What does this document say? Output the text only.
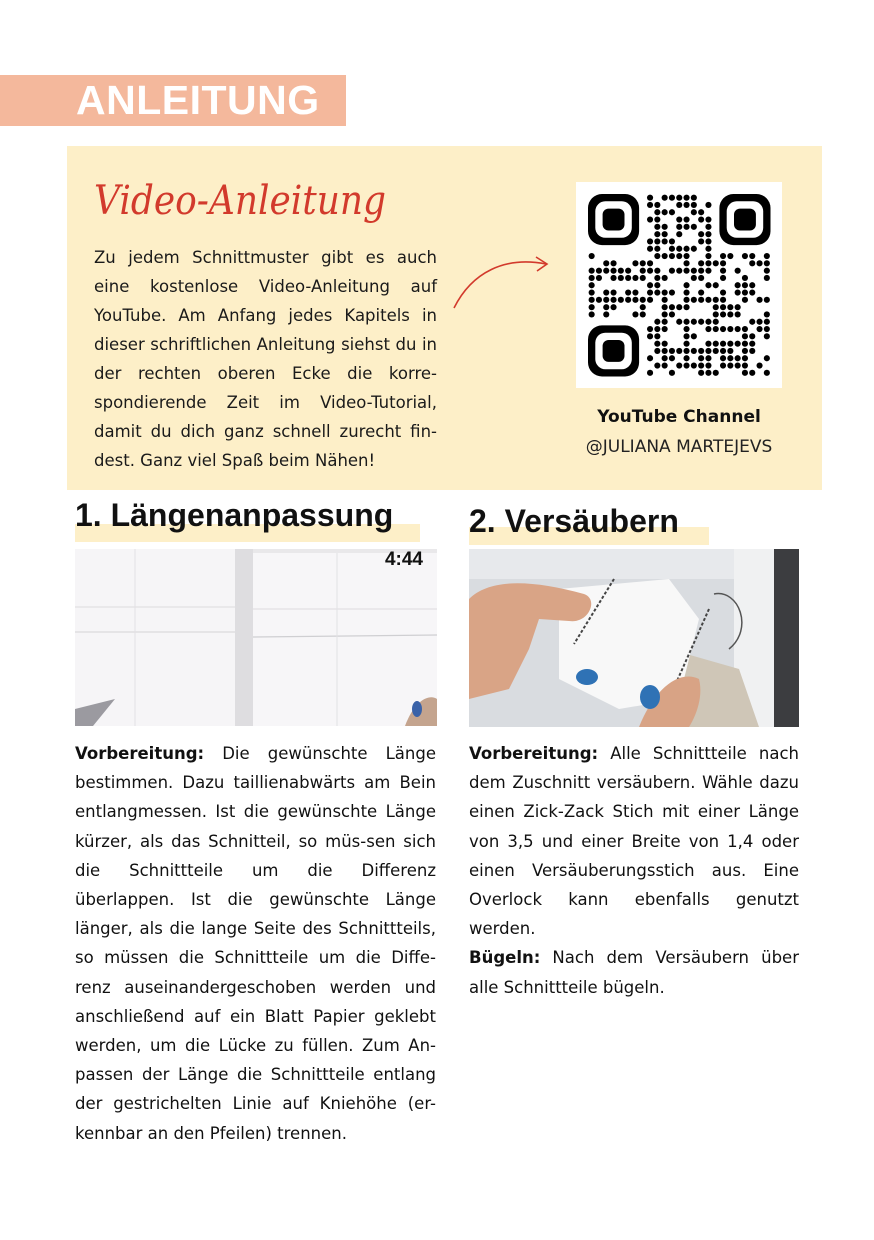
ANLEITUNG
Video-Anleitung
Zu jedem Schnittmuster gibt es auch eine kostenlose Video-Anleitung auf YouTube. Am Anfang jedes Kapitels in dieser schriftlichen Anleitung siehst du in der rechten oberen Ecke die korre-spondierende Zeit im Video-Tutorial, damit du dich ganz schnell zurecht fin-dest. Ganz viel Spaß beim Nähen!
YouTube Channel
@JULIANA MARTEJEVS
1. Längenanpassung
4:44

Vorbereitung: Die gewünschte Länge bestimmen. Dazu taillienabwärts am Bein entlangmessen. Ist die gewünschte Länge kürzer, als das Schnitteil, so müs-sen sich die Schnittteile um die Differenz überlappen. Ist die gewünschte Länge länger, als die lange Seite des Schnittteils, so müssen die Schnittteile um die Diffe-renz auseinandergeschoben werden und anschließend auf ein Blatt Papier geklebt werden, um die Lücke zu füllen. Zum An-passen der Länge die Schnittteile entlang der gestrichelten Linie auf Kniehöhe (er-kennbar an den Pfeilen) trennen.

2. Versäubern

Vorbereitung: Alle Schnittteile nach dem Zuschnitt versäubern. Wähle dazu einen Zick-Zack Stich mit einer Länge von 3,5 und einer Breite von 1,4 oder einen Versäuberungsstich aus. Eine Overlock kann ebenfalls genutzt werden.

Bügeln: Nach dem Versäubern über alle Schnittteile bügeln.
